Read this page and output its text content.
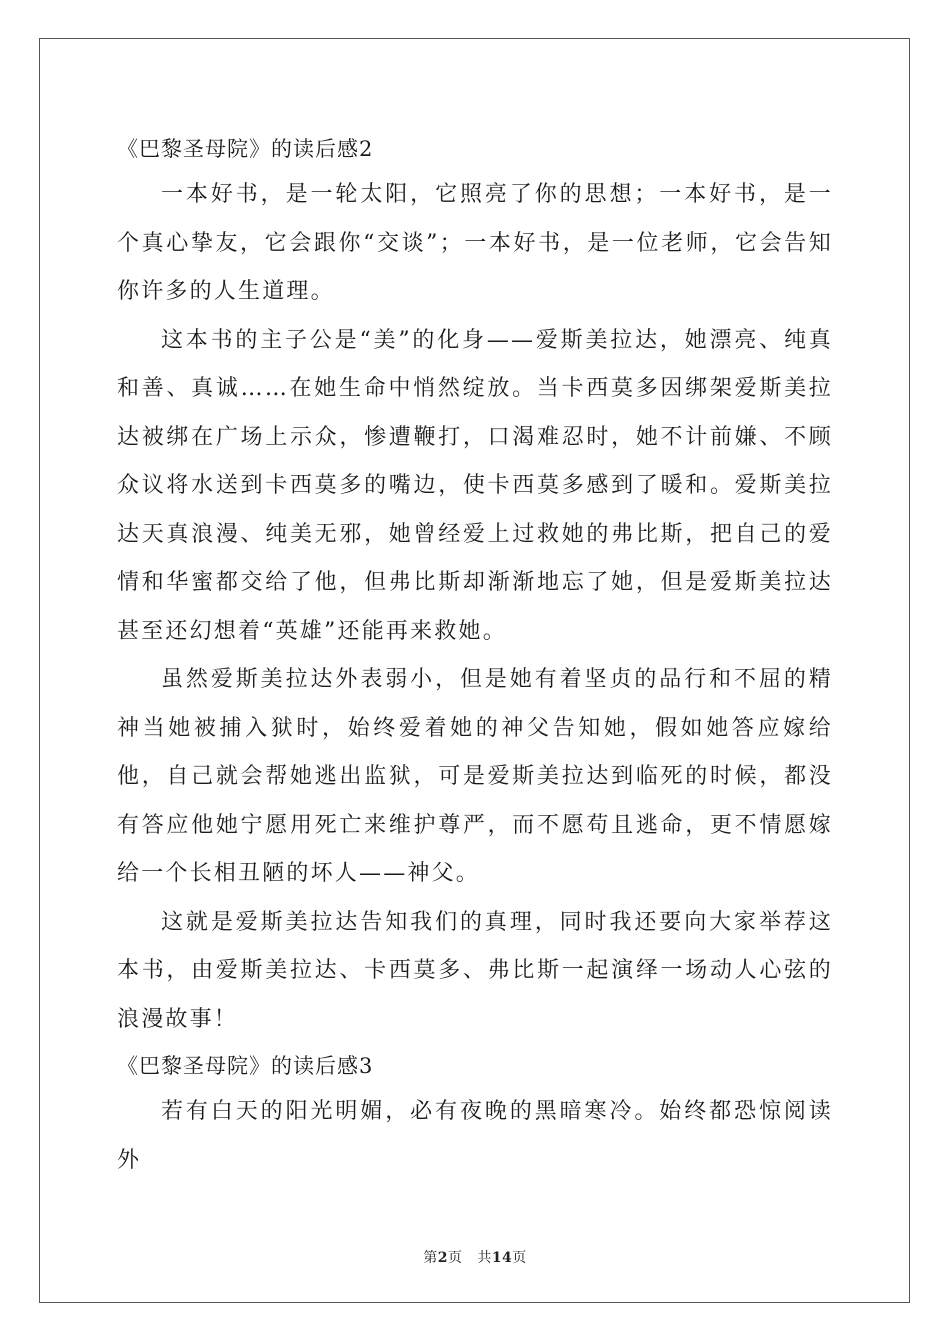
《巴黎圣母院》的读后感2

一本好书，是一轮太阳，它照亮了你的思想；一本好书，是一个真心挚友，它会跟你“交谈”；一本好书，是一位老师，它会告知你许多的人生道理。

这本书的主子公是“美”的化身——爱斯美拉达，她漂亮、纯真和善、真诚……在她生命中悄然绽放。当卡西莫多因绑架爱斯美拉达被绑在广场上示众，惨遭鞭打，口渴难忍时，她不计前嫌、不顾众议将水送到卡西莫多的嘴边，使卡西莫多感到了暖和。爱斯美拉达天真浪漫、纯美无邪，她曾经爱上过救她的弗比斯，把自己的爱情和华蜜都交给了他，但弗比斯却渐渐地忘了她，但是爱斯美拉达甚至还幻想着“英雄”还能再来救她。

虽然爱斯美拉达外表弱小，但是她有着坚贞的品行和不屈的精神当她被捕入狱时，始终爱着她的神父告知她，假如她答应嫁给他，自己就会帮她逃出监狱，可是爱斯美拉达到临死的时候，都没有答应他她宁愿用死亡来维护尊严，而不愿苟且逃命，更不情愿嫁给一个长相丑陋的坏人——神父。

这就是爱斯美拉达告知我们的真理，同时我还要向大家举荐这本书，由爱斯美拉达、卡西莫多、弗比斯一起演绎一场动人心弦的浪漫故事！

《巴黎圣母院》的读后感3

若有白天的阳光明媚，必有夜晚的黑暗寒冷。始终都恐惊阅读外

第2页 共14页
